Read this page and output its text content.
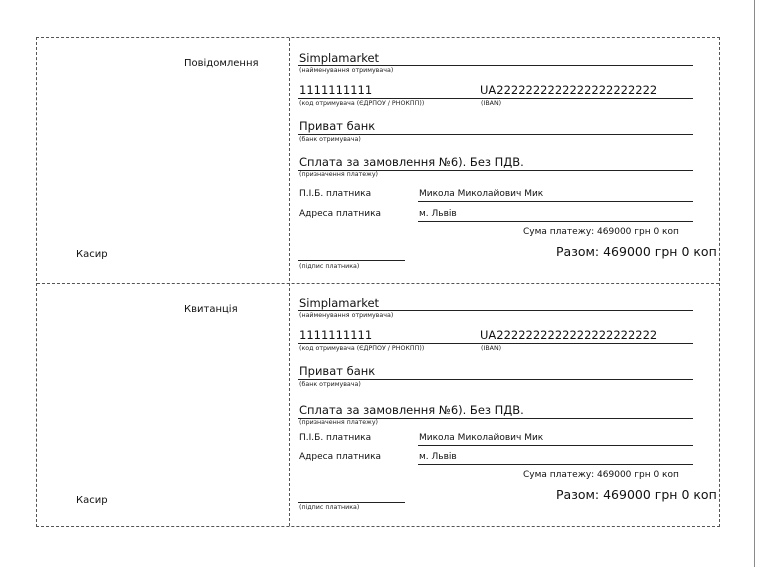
Повідомлення
Касир
Simplamarket
(найменування отримувача)
1111111111	UA2222222222222222222222
(код отримувача (ЄДРПОУ / РНОКПП))	(IBAN)
Приват банк
(банк отримувача)
Сплата за замовлення №6). Без ПДВ.
(призначення платежу)
П.І.Б. платника	Микола Миколайович Мик
Адреса платника	м. Львів
Сума платежу: 469000 грн 0 коп
Разом: 469000 грн 0 коп
(підпис платника)
Квитанція
Касир
Simplamarket
(найменування отримувача)
1111111111	UA2222222222222222222222
(код отримувача (ЄДРПОУ / РНОКПП))	(IBAN)
Приват банк
(банк отримувача)
Сплата за замовлення №6). Без ПДВ.
(призначення платежу)
П.І.Б. платника	Микола Миколайович Мик
Адреса платника	м. Львів
Сума платежу: 469000 грн 0 коп
Разом: 469000 грн 0 коп
(підпис платника)
